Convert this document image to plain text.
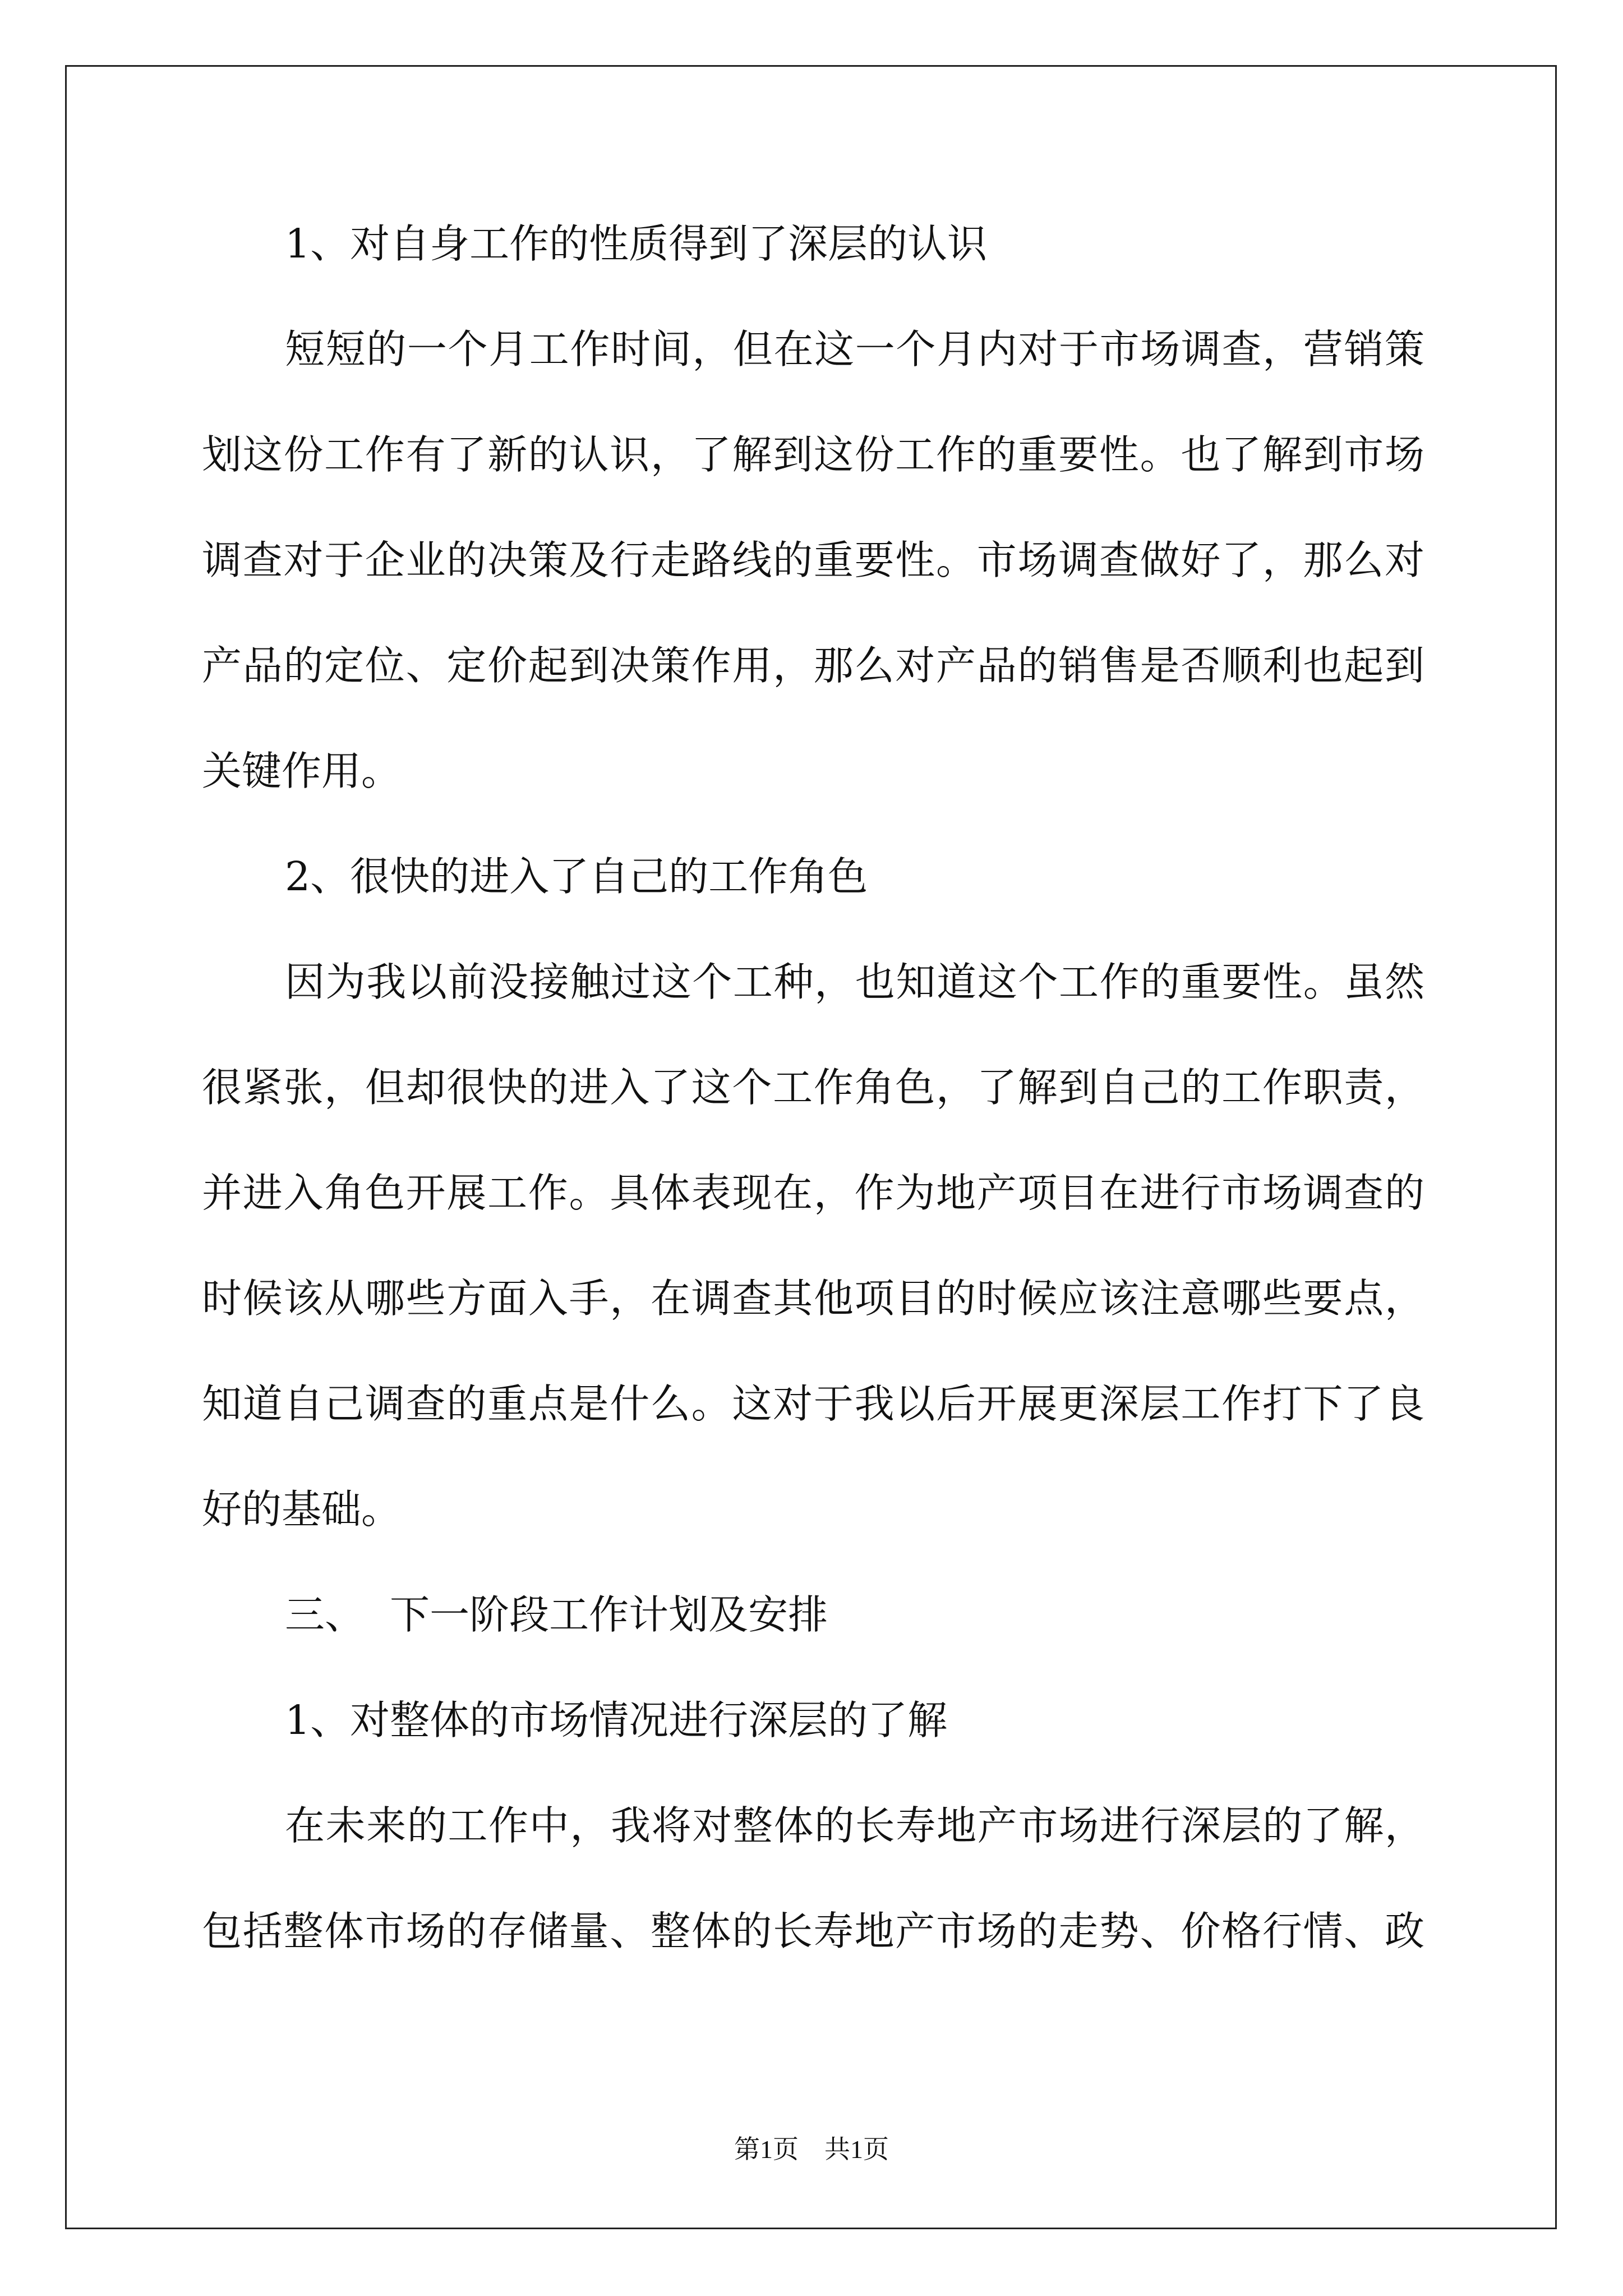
1、对自身工作的性质得到了深层的认识
短短的一个月工作时间，但在这一个月内对于市场调查，营销策
划这份工作有了新的认识，了解到这份工作的重要性。也了解到市场
调查对于企业的决策及行走路线的重要性。市场调查做好了，那么对
产品的定位、定价起到决策作用，那么对产品的销售是否顺利也起到
关键作用。
2、很快的进入了自己的工作角色
因为我以前没接触过这个工种，也知道这个工作的重要性。虽然
很紧张，但却很快的进入了这个工作角色，了解到自己的工作职责，
并进入角色开展工作。具体表现在，作为地产项目在进行市场调查的
时候该从哪些方面入手，在调查其他项目的时候应该注意哪些要点，
知道自己调查的重点是什么。这对于我以后开展更深层工作打下了良
好的基础。
三、  下一阶段工作计划及安排
1、对整体的市场情况进行深层的了解
在未来的工作中，我将对整体的长寿地产市场进行深层的了解，
包括整体市场的存储量、整体的长寿地产市场的走势、价格行情、政
第1页 共1页
